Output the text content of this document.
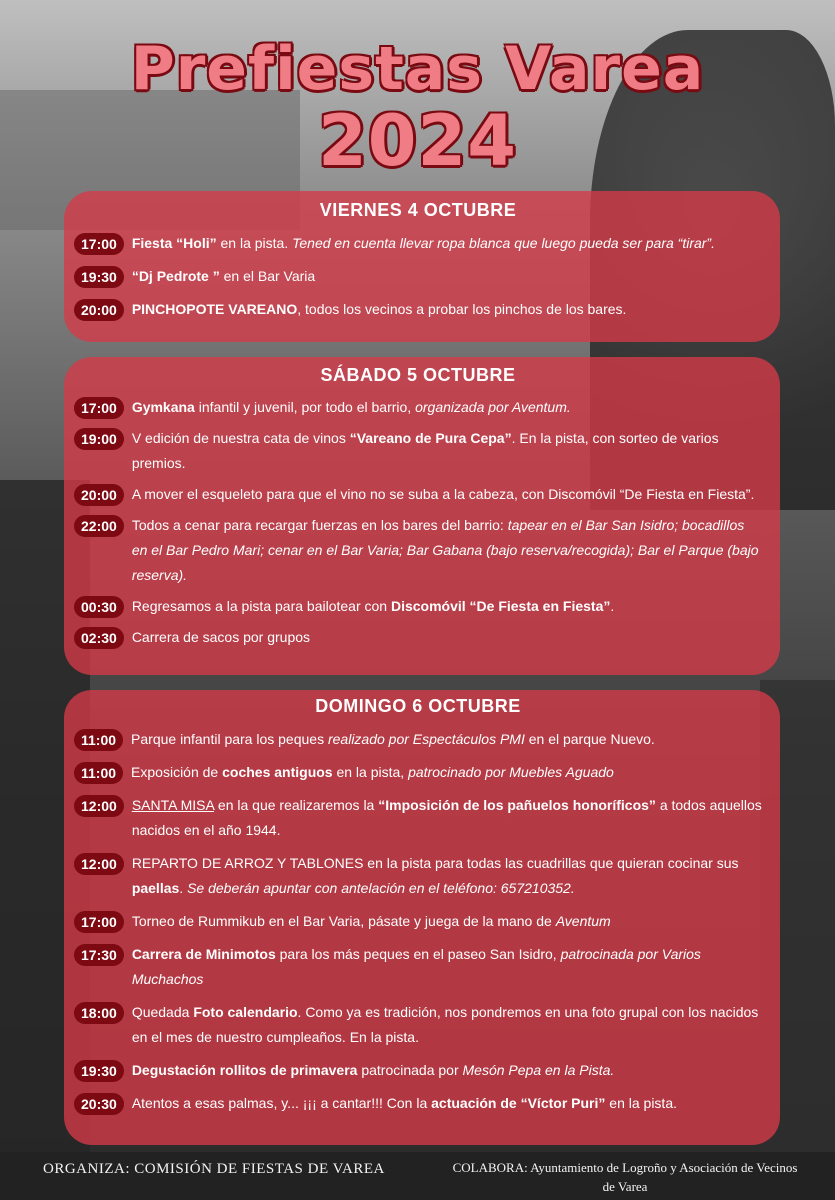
Prefiestas Varea
2024
VIERNES 4 OCTUBRE
17:00	Fiesta “Holi” en la pista. Tened en cuenta llevar ropa blanca que luego pueda ser para “tirar”.
19:30	“Dj Pedrote ” en el Bar Varia
20:00	PINCHOPOTE VAREANO, todos los vecinos a probar los pinchos de los bares.
SÁBADO 5 OCTUBRE
17:00	Gymkana infantil y juvenil, por todo el barrio, organizada por Aventum.
19:00	V edición de nuestra cata de vinos “Vareano de Pura Cepa”. En la pista, con sorteo de varios premios.
20:00	A mover el esqueleto para que el vino no se suba a la cabeza, con Discomóvil “De Fiesta en Fiesta”.
22:00	Todos a cenar para recargar fuerzas en los bares del barrio: tapear en el Bar San Isidro; bocadillos en el Bar Pedro Mari; cenar en el Bar Varia; Bar Gabana (bajo reserva/recogida); Bar el Parque (bajo reserva).
00:30	Regresamos a la pista para bailotear con Discomóvil “De Fiesta en Fiesta”.
02:30	Carrera de sacos por grupos
DOMINGO 6 OCTUBRE
11:00	Parque infantil para los peques realizado por Espectáculos PMI en el parque Nuevo.
11:00	Exposición de coches antiguos en la pista, patrocinado por Muebles Aguado
12:00	SANTA MISA en la que realizaremos la “Imposición de los pañuelos honoríficos” a todos aquellos nacidos en el año 1944.
12:00	REPARTO DE ARROZ Y TABLONES en la pista para todas las cuadrillas que quieran cocinar sus paellas. Se deberán apuntar con antelación en el teléfono: 657210352.
17:00	Torneo de Rummikub en el Bar Varia, pásate y juega de la mano de Aventum
17:30	Carrera de Minimotos para los más peques en el paseo San Isidro, patrocinada por Varios Muchachos
18:00	Quedada Foto calendario. Como ya es tradición, nos pondremos en una foto grupal con los nacidos en el mes de nuestro cumpleaños. En la pista.
19:30	Degustación rollitos de primavera patrocinada por Mesón Pepa en la Pista.
20:30	Atentos a esas palmas, y... ¡¡¡ a cantar!!! Con la actuación de “Víctor Puri” en la pista.
ORGANIZA: COMISIÓN DE FIESTAS DE VAREA	COLABORA: Ayuntamiento de Logroño y Asociación de Vecinos de Varea
